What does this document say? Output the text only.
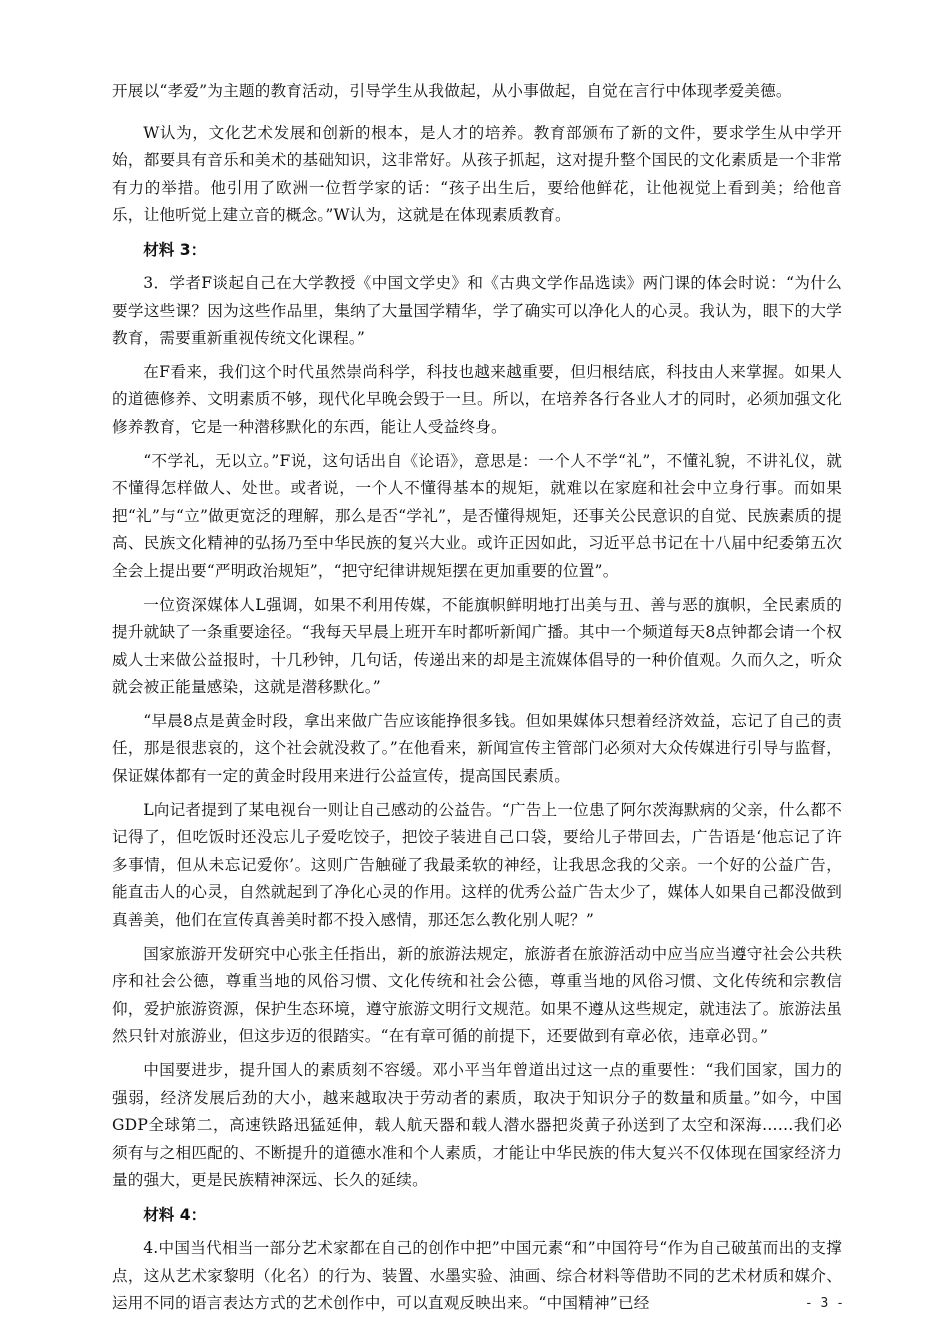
开展以“孝爱”为主题的教育活动，引导学生从我做起，从小事做起，自觉在言行中体现孝爱美德。

W认为，文化艺术发展和创新的根本，是人才的培养。教育部颁布了新的文件，要求学生从中学开始，都要具有音乐和美术的基础知识，这非常好。从孩子抓起，这对提升整个国民的文化素质是一个非常有力的举措。他引用了欧洲一位哲学家的话：“孩子出生后，要给他鲜花，让他视觉上看到美；给他音乐，让他听觉上建立音的概念。”W认为，这就是在体现素质教育。

材料 3：

3．学者F谈起自己在大学教授《中国文学史》和《古典文学作品选读》两门课的体会时说：“为什么要学这些课？因为这些作品里，集纳了大量国学精华，学了确实可以净化人的心灵。我认为，眼下的大学教育，需要重新重视传统文化课程。”

在F看来，我们这个时代虽然崇尚科学，科技也越来越重要，但归根结底，科技由人来掌握。如果人的道德修养、文明素质不够，现代化早晚会毁于一旦。所以，在培养各行各业人才的同时，必须加强文化修养教育，它是一种潜移默化的东西，能让人受益终身。

“不学礼，无以立。”F说，这句话出自《论语》，意思是：一个人不学“礼”，不懂礼貌，不讲礼仪，就不懂得怎样做人、处世。或者说，一个人不懂得基本的规矩，就难以在家庭和社会中立身行事。而如果把“礼”与“立”做更宽泛的理解，那么是否“学礼”，是否懂得规矩，还事关公民意识的自觉、民族素质的提高、民族文化精神的弘扬乃至中华民族的复兴大业。或许正因如此，习近平总书记在十八届中纪委第五次全会上提出要“严明政治规矩”，“把守纪律讲规矩摆在更加重要的位置”。

一位资深媒体人L强调，如果不利用传媒，不能旗帜鲜明地打出美与丑、善与恶的旗帜，全民素质的提升就缺了一条重要途径。“我每天早晨上班开车时都听新闻广播。其中一个频道每天8点钟都会请一个权威人士来做公益报时，十几秒钟，几句话，传递出来的却是主流媒体倡导的一种价值观。久而久之，听众就会被正能量感染，这就是潜移默化。”

“早晨8点是黄金时段，拿出来做广告应该能挣很多钱。但如果媒体只想着经济效益，忘记了自己的责任，那是很悲哀的，这个社会就没救了。”在他看来，新闻宣传主管部门必须对大众传媒进行引导与监督，保证媒体都有一定的黄金时段用来进行公益宣传，提高国民素质。

L向记者提到了某电视台一则让自己感动的公益告。“广告上一位患了阿尔茨海默病的父亲，什么都不记得了，但吃饭时还没忘儿子爱吃饺子，把饺子装进自己口袋，要给儿子带回去，广告语是‘他忘记了许多事情，但从未忘记爱你’。这则广告触碰了我最柔软的神经，让我思念我的父亲。一个好的公益广告，能直击人的心灵，自然就起到了净化心灵的作用。这样的优秀公益广告太少了，媒体人如果自己都没做到真善美，他们在宣传真善美时都不投入感情，那还怎么教化别人呢？”

国家旅游开发研究中心张主任指出，新的旅游法规定，旅游者在旅游活动中应当应当遵守社会公共秩序和社会公德，尊重当地的风俗习惯、文化传统和社会公德，尊重当地的风俗习惯、文化传统和宗教信仰，爱护旅游资源，保护生态环境，遵守旅游文明行文规范。如果不遵从这些规定，就违法了。旅游法虽然只针对旅游业，但这步迈的很踏实。“在有章可循的前提下，还要做到有章必依，违章必罚。”

中国要进步，提升国人的素质刻不容缓。邓小平当年曾道出过这一点的重要性：“我们国家，国力的强弱，经济发展后劲的大小，越来越取决于劳动者的素质，取决于知识分子的数量和质量。”如今，中国GDP全球第二，高速铁路迅猛延伸，载人航天器和载人潜水器把炎黄子孙送到了太空和深海……我们必须有与之相匹配的、不断提升的道德水准和个人素质，才能让中华民族的伟大复兴不仅体现在国家经济力量的强大，更是民族精神深远、长久的延续。

材料 4：

4.中国当代相当一部分艺术家都在自己的创作中把”中国元素“和”中国符号“作为自己破茧而出的支撑点，这从艺术家黎明（化名）的行为、装置、水墨实验、油画、综合材料等借助不同的艺术材质和媒介、运用不同的语言表达方式的艺术创作中，可以直观反映出来。“中国精神”已经	- 3 -
